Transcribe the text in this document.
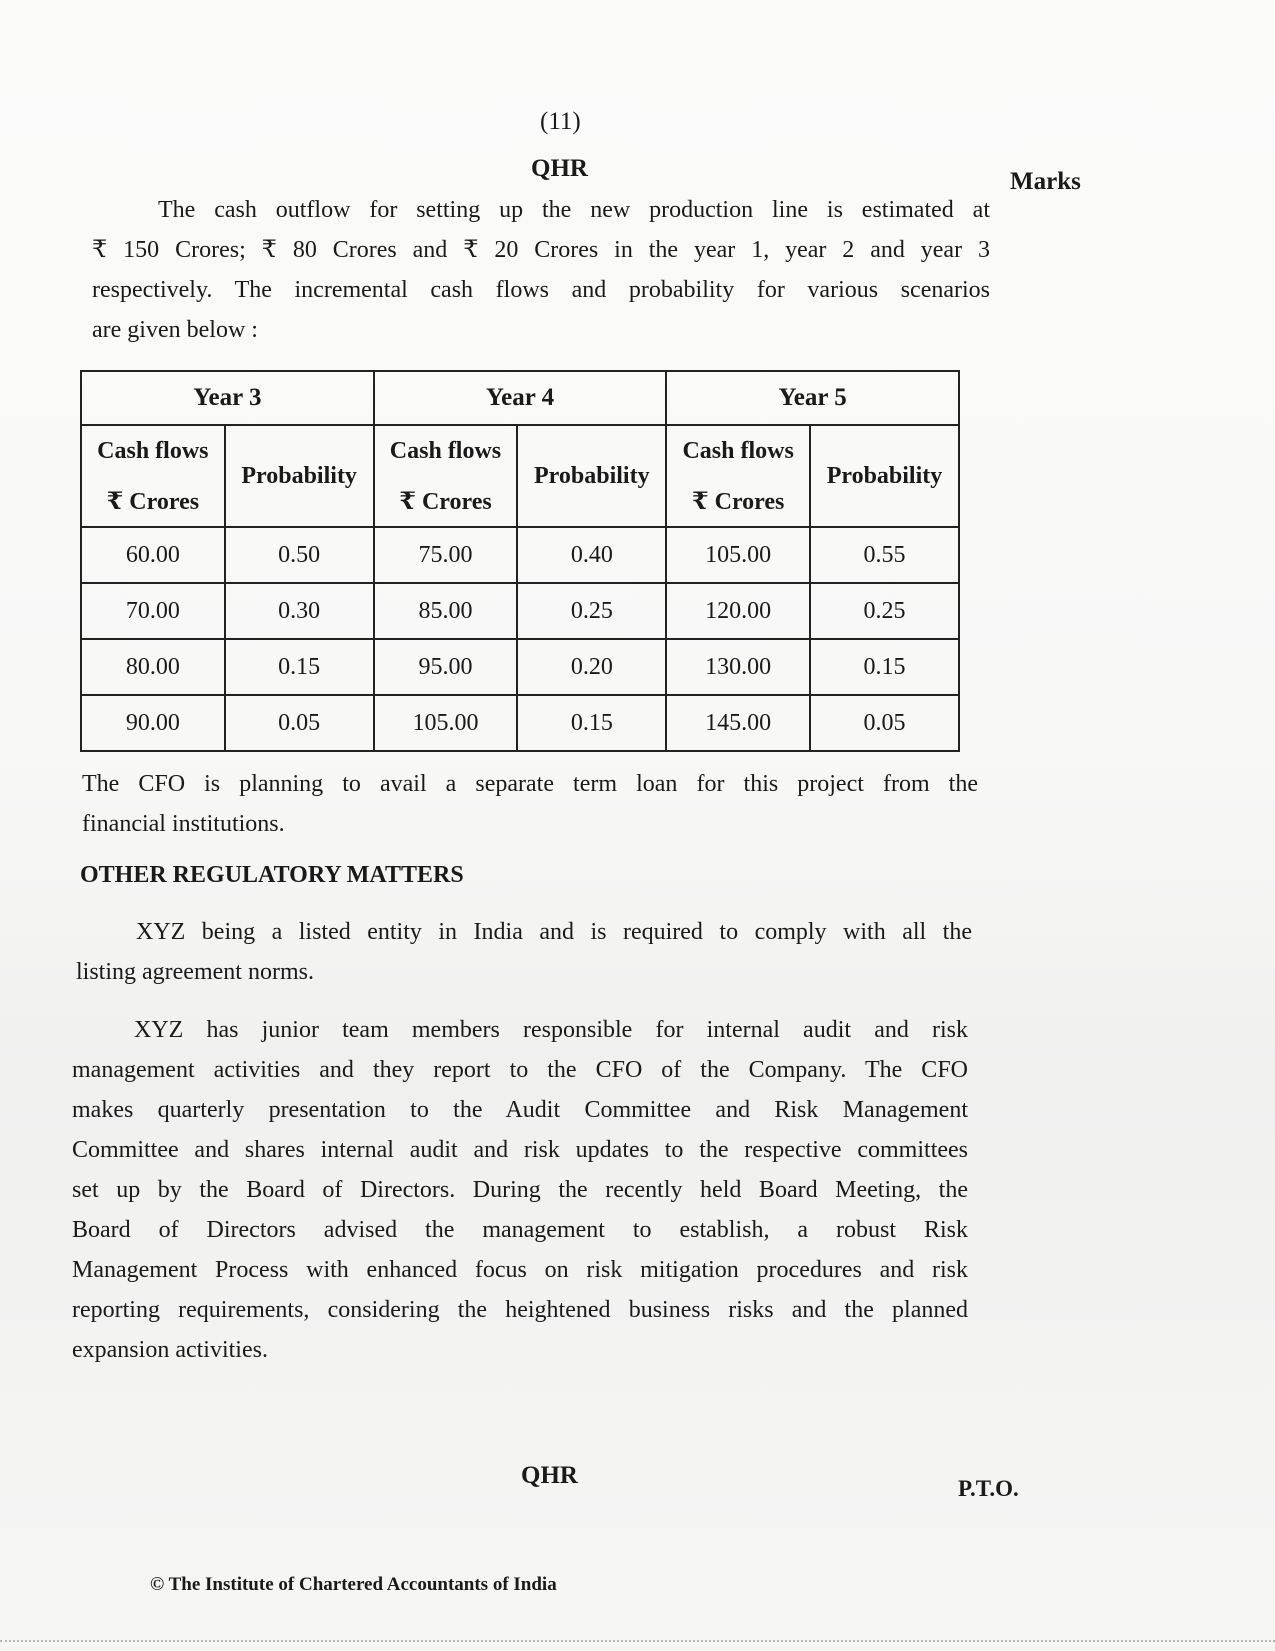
(11)
QHR	Marks
The cash outflow for setting up the new production line is estimated at
₹ 150 Crores; ₹ 80 Crores and ₹ 20 Crores in the year 1, year 2 and year 3
respectively. The incremental cash flows and probability for various scenarios
are given below :
Year 3		Year 4		Year 5	
Cash flows	Probability	Cash flows	Probability	Cash flows	Probability
₹ Crores		₹ Crores		₹ Crores	
60.00	0.50	75.00	0.40	105.00	0.55
70.00	0.30	85.00	0.25	120.00	0.25
80.00	0.15	95.00	0.20	130.00	0.15
90.00	0.05	105.00	0.15	145.00	0.05
The CFO is planning to avail a separate term loan for this project from the
financial institutions.
OTHER REGULATORY MATTERS
XYZ being a listed entity in India and is required to comply with all the
listing agreement norms.
XYZ has junior team members responsible for internal audit and risk
management activities and they report to the CFO of the Company. The CFO
makes quarterly presentation to the Audit Committee and Risk Management
Committee and shares internal audit and risk updates to the respective committees
set up by the Board of Directors. During the recently held Board Meeting, the
Board of Directors advised the management to establish, a robust Risk
Management Process with enhanced focus on risk mitigation procedures and risk
reporting requirements, considering the heightened business risks and the planned
expansion activities.
QHR	P.T.O.
© The Institute of Chartered Accountants of India
